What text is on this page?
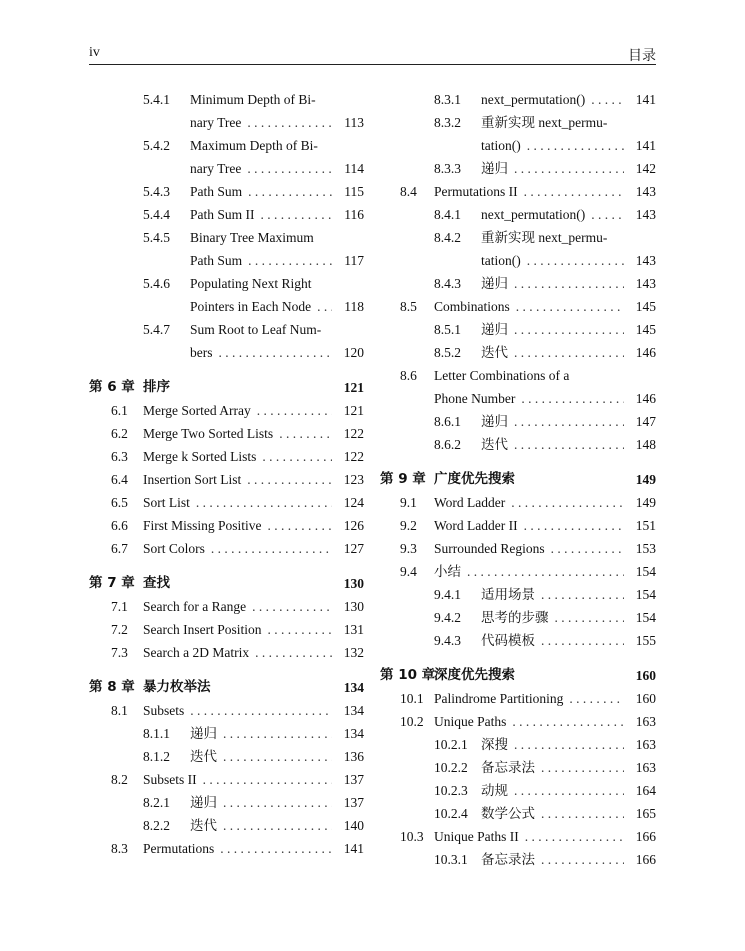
iv	目录
5.4.1 Minimum Depth of Bi-
nary Tree . . .	113
5.4.2 Maximum Depth of Bi-
nary Tree . . .	114
5.4.3 Path Sum . . .	115
5.4.4 Path Sum II . . .	116
5.4.5 Binary Tree Maximum
Path Sum . . .	117
5.4.6 Populating Next Right
Pointers in Each Node . . . 118
5.4.7 Sum Root to Leaf Num-
bers . . .	120
第 6 章 排序	121
6.1 Merge Sorted Array . . .	121
6.2 Merge Two Sorted Lists . . .	122
6.3 Merge k Sorted Lists . . .	122
6.4 Insertion Sort List . . .	123
6.5 Sort List . . .	124
6.6 First Missing Positive . . .	126
6.7 Sort Colors . . .	127
第 7 章 查找	130
7.1 Search for a Range . . .	130
7.2 Search Insert Position . . .	131
7.3 Search a 2D Matrix . . .	132
第 8 章 暴力枚举法	134
8.1 Subsets . . .	134
8.1.1 递归 . . .	134
8.1.2 迭代 . . .	136
8.2 Subsets II . . .	137
8.2.1 递归 . . .	137
8.2.2 迭代 . . .	140
8.3 Permutations . . .	141
8.3.1 next_permutation() . . .	141
8.3.2 重新实现 next_permu-
tation() . . .	141
8.3.3 递归 . . .	142
8.4 Permutations II . . .	143
8.4.1 next_permutation() . . .	143
8.4.2 重新实现 next_permu-
tation() . . .	143
8.4.3 递归 . . .	143
8.5 Combinations . . .	145
8.5.1 递归 . . .	145
8.5.2 迭代 . . .	146
8.6 Letter Combinations of a
Phone Number . . .	146
8.6.1 递归 . . .	147
8.6.2 迭代 . . .	148
第 9 章 广度优先搜索	149
9.1 Word Ladder . . .	149
9.2 Word Ladder II . . .	151
9.3 Surrounded Regions . . .	153
9.4 小结 . . .	154
9.4.1 适用场景 . . .	154
9.4.2 思考的步骤 . . .	154
9.4.3 代码模板 . . .	155
第 10 章
深度优先搜索	160
10.1 Palindrome Partitioning . . .	160
10.2 Unique Paths . . .	163
10.2.1 深搜 . . .	163
10.2.2 备忘录法 . . .	163
10.2.3 动规 . . .	164
10.2.4 数学公式 . . .	165
10.3 Unique Paths II . . .	166
10.3.1 备忘录法 . . .	166
